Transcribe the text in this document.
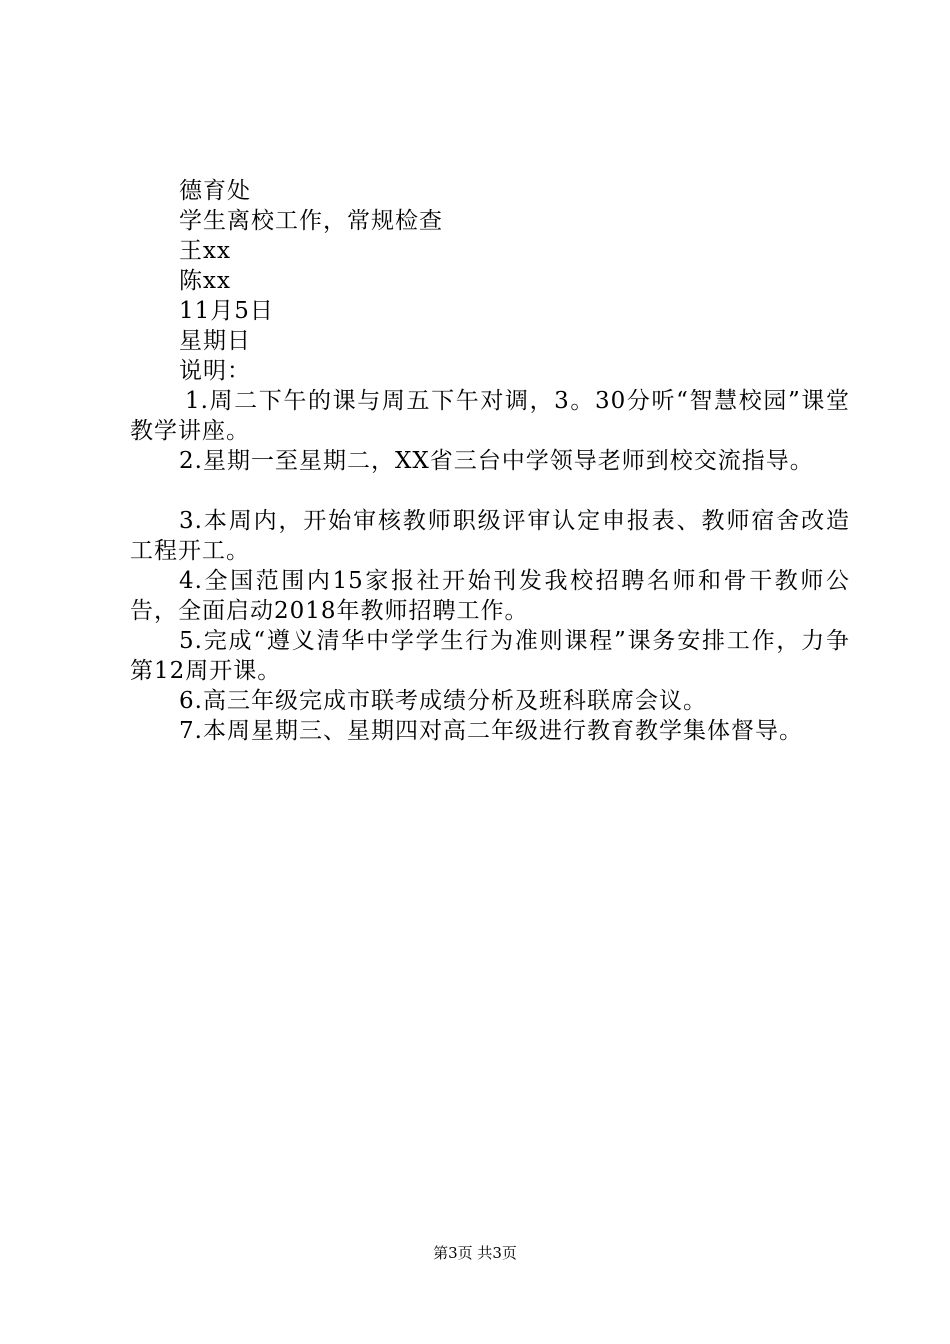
德育处
学生离校工作，常规检查
王xx
陈xx
11月5日
星期日
说明：

1.周二下午的课与周五下午对调，3。30分听“智慧校园”课堂教学讲座。

2.星期一至星期二，XX省三台中学领导老师到校交流指导。

3.本周内，开始审核教师职级评审认定申报表、教师宿舍改造工程开工。

4.全国范围内15家报社开始刊发我校招聘名师和骨干教师公告，全面启动2018年教师招聘工作。

5.完成“遵义清华中学学生行为准则课程”课务安排工作，力争第12周开课。

6.高三年级完成市联考成绩分析及班科联席会议。

7.本周星期三、星期四对高二年级进行教育教学集体督导。

第3页 共3页
